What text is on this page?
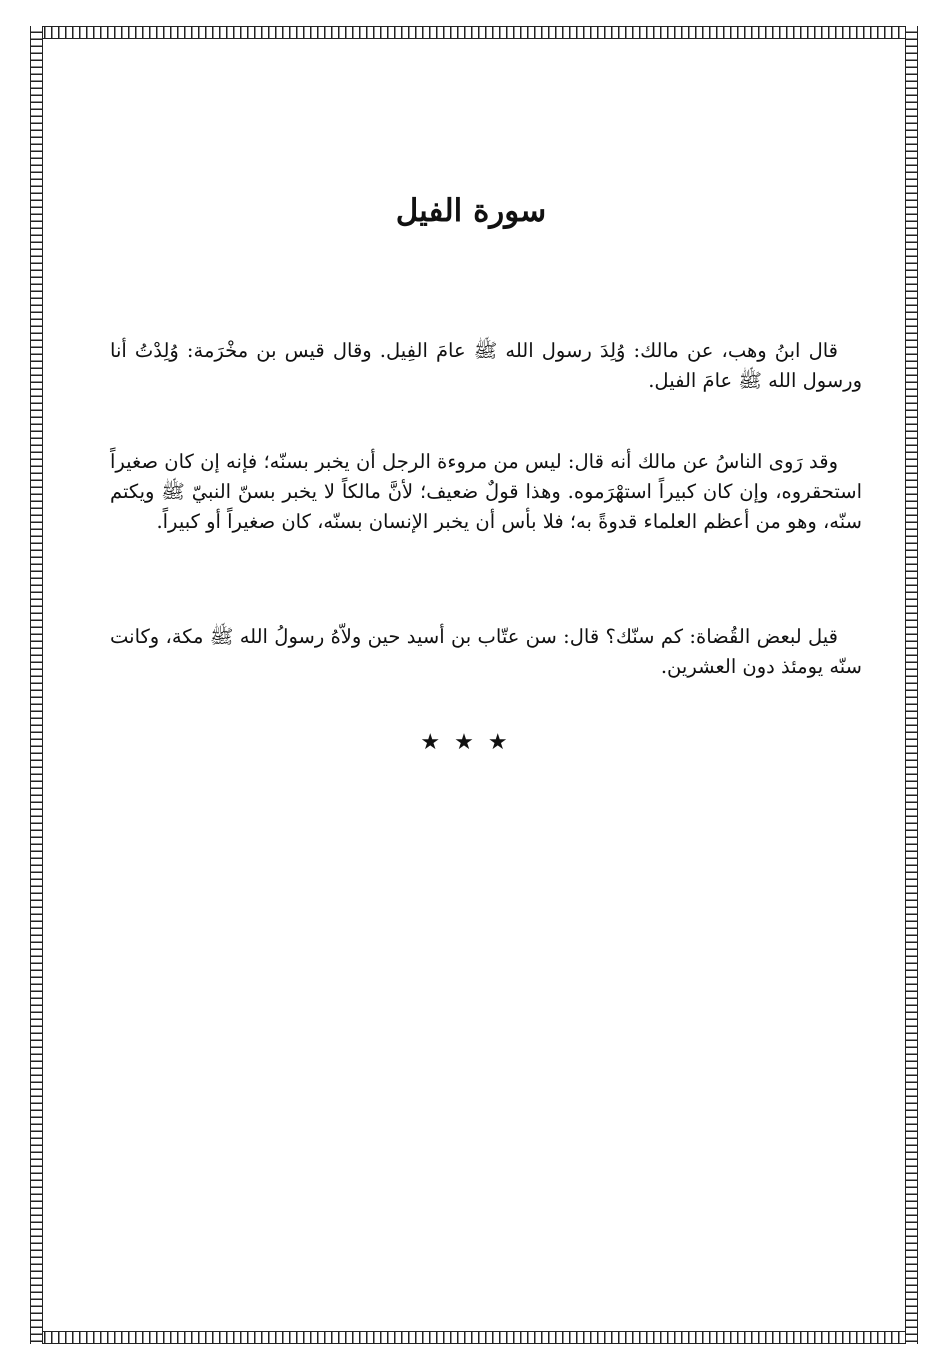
سورة الفيل

قال ابنُ وهب، عن مالك: وُلِدَ رسول الله ﷺ عامَ الفِيل. وقال قيس بن مخْرَمة: وُلِدْتُ أنا ورسول الله ﷺ عامَ الفيل.

وقد رَوى الناسُ عن مالك أنه قال: ليس من مروءة الرجل أن يخبر بسنّه؛ فإنه إن كان صغيراً استحقروه، وإن كان كبيراً استهْرَموه. وهذا قولٌ ضعيف؛ لأنَّ مالكاً لا يخبر بسنّ النبيّ ﷺ ويكتم سنّه، وهو من أعظم العلماء قدوةً به؛ فلا بأس أن يخبر الإنسان بسنّه، كان صغيراً أو كبيراً.

قيل لبعض القُضاة: كم سنّك؟ قال: سن عتّاب بن أسيد حين ولاّهُ رسولُ الله ﷺ مكة، وكانت سنّه يومئذ دون العشرين.

★★★
